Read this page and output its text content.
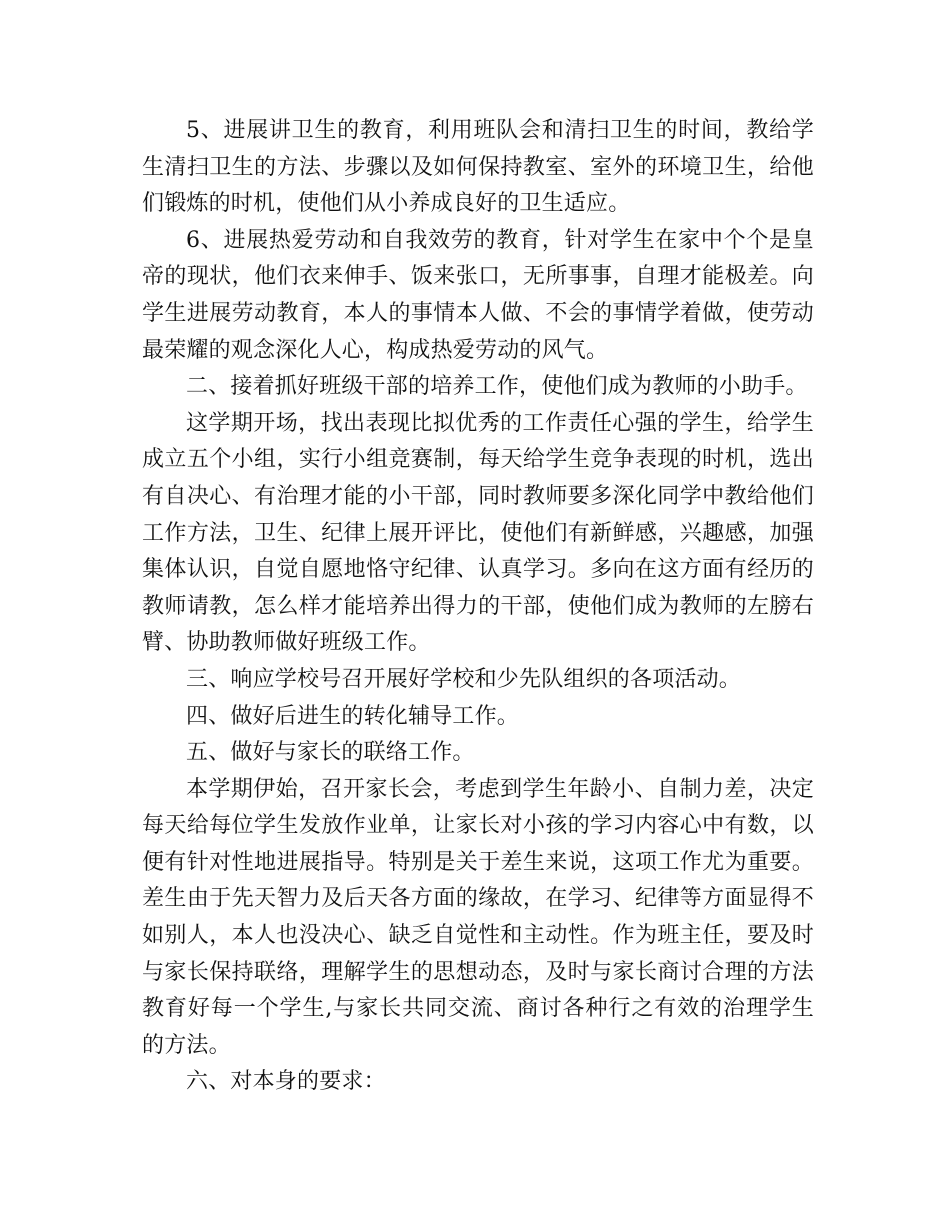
5、进展讲卫生的教育，利用班队会和清扫卫生的时间，教给学生清扫卫生的方法、步骤以及如何保持教室、室外的环境卫生，给他们锻炼的时机，使他们从小养成良好的卫生适应。

6、进展热爱劳动和自我效劳的教育，针对学生在家中个个是皇帝的现状，他们衣来伸手、饭来张口，无所事事，自理才能极差。向学生进展劳动教育，本人的事情本人做、不会的事情学着做，使劳动最荣耀的观念深化人心，构成热爱劳动的风气。

二、接着抓好班级干部的培养工作，使他们成为教师的小助手。

这学期开场，找出表现比拟优秀的工作责任心强的学生，给学生成立五个小组，实行小组竞赛制，每天给学生竞争表现的时机，选出有自决心、有治理才能的小干部，同时教师要多深化同学中教给他们工作方法，卫生、纪律上展开评比，使他们有新鲜感，兴趣感，加强集体认识，自觉自愿地恪守纪律、认真学习。多向在这方面有经历的教师请教，怎么样才能培养出得力的干部，使他们成为教师的左膀右臂、协助教师做好班级工作。

三、响应学校号召开展好学校和少先队组织的各项活动。

四、做好后进生的转化辅导工作。

五、做好与家长的联络工作。

本学期伊始，召开家长会，考虑到学生年龄小、自制力差，决定每天给每位学生发放作业单，让家长对小孩的学习内容心中有数，以便有针对性地进展指导。特别是关于差生来说，这项工作尤为重要。差生由于先天智力及后天各方面的缘故，在学习、纪律等方面显得不如别人，本人也没决心、缺乏自觉性和主动性。作为班主任，要及时与家长保持联络，理解学生的思想动态，及时与家长商讨合理的方法教育好每一个学生,与家长共同交流、商讨各种行之有效的治理学生的方法。

六、对本身的要求：
